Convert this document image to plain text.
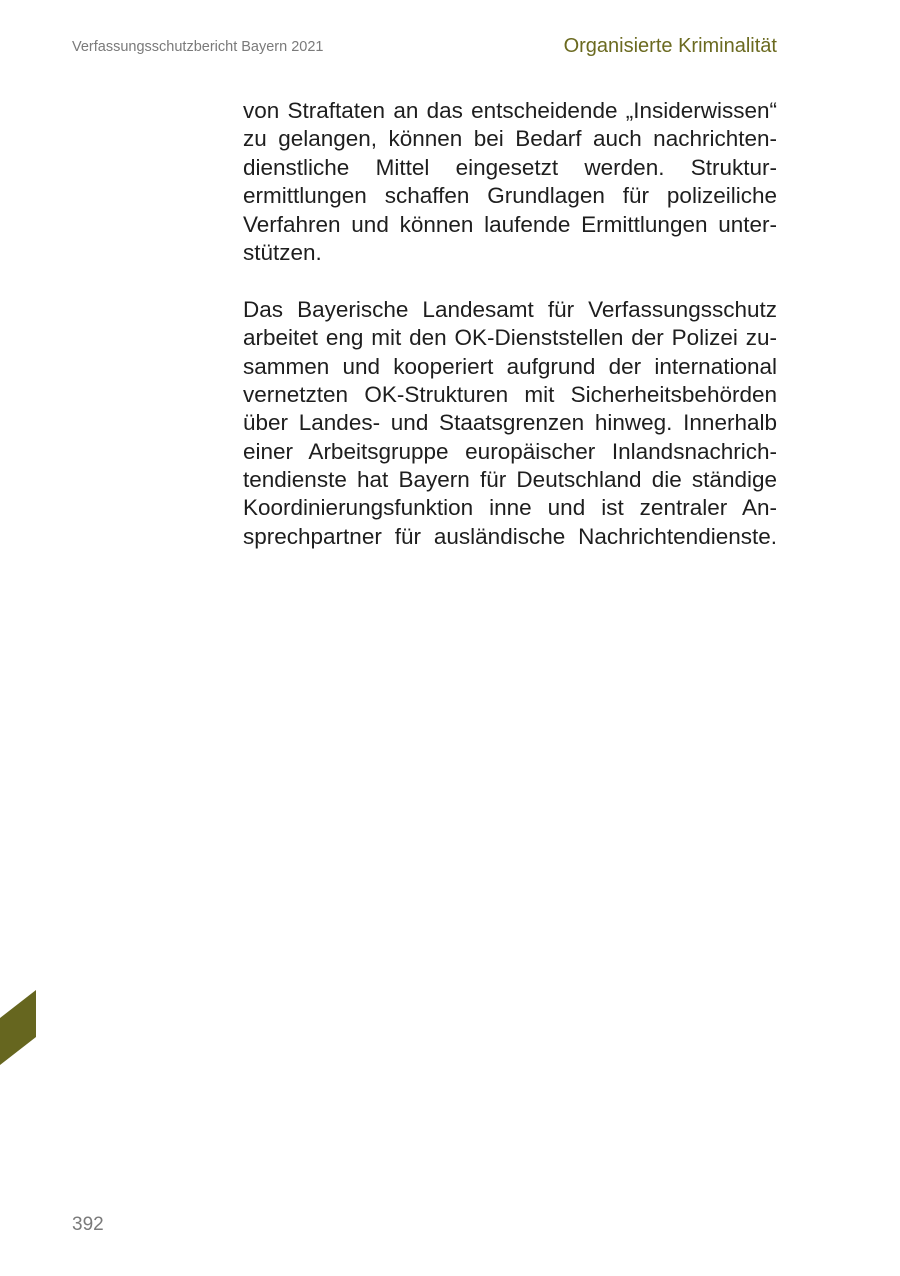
Verfassungsschutzbericht Bayern 2021	Organisierte Kriminalität
von Straftaten an das entscheidende „Insiderwissen“
zu gelangen, können bei Bedarf auch nachrichten-
dienstliche Mittel eingesetzt werden. Struktur-
ermittlungen schaffen Grundlagen für polizeiliche
Verfahren und können laufende Ermittlungen unter-
stützen.
Das Bayerische Landesamt für Verfassungsschutz
arbeitet eng mit den OK-Dienststellen der Polizei zu-
sammen und kooperiert aufgrund der international
vernetzten OK-Strukturen mit Sicherheitsbehörden
über Landes- und Staatsgrenzen hinweg. Innerhalb
einer Arbeitsgruppe europäischer Inlandsnachrich-
tendienste hat Bayern für Deutschland die ständige
Koordinierungsfunktion inne und ist zentraler An-
sprechpartner für ausländische Nachrichtendienste.
392
